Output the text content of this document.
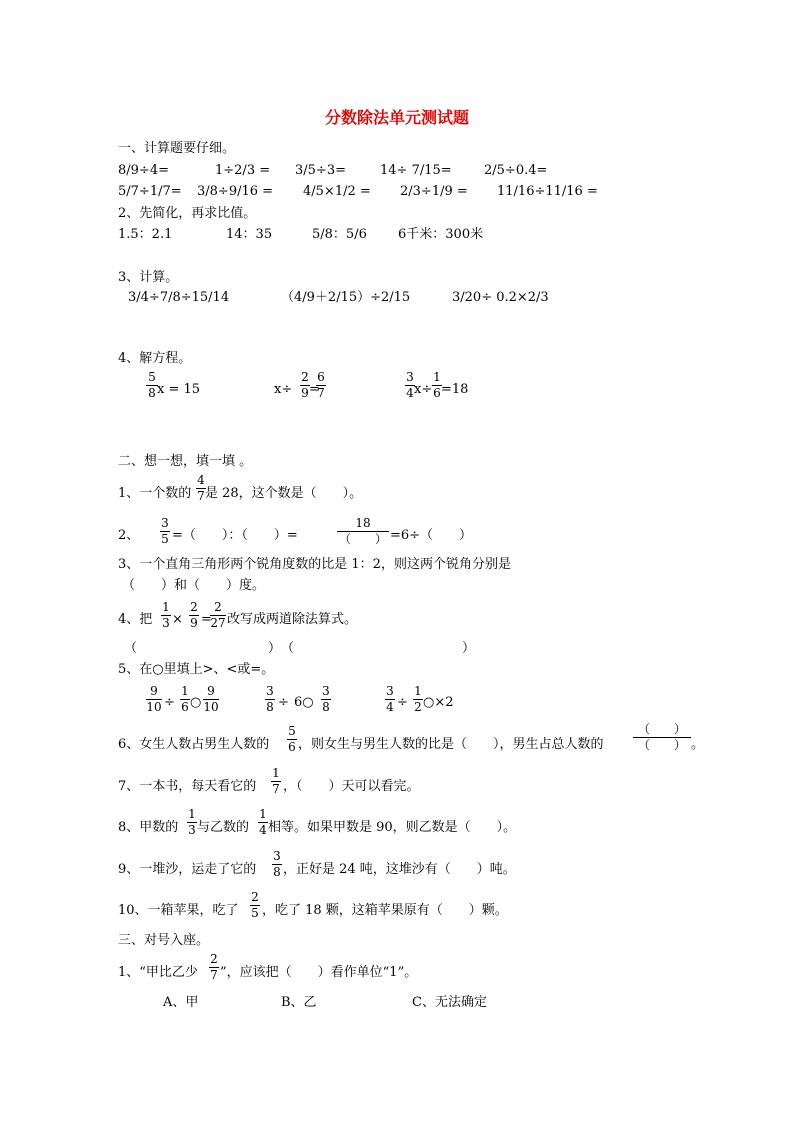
分数除法单元测试题
一、计算题要仔细。
8/9÷4=	1÷2/3 = 3/5÷3=	14÷ 7/15= 2/5÷0.4=
5/7÷1/7= 3/8÷9/16 = 4/5×1/2 = 2/3÷1/9 = 11/16÷11/16 =
2、先简化，再求比值。
1.5：2.1	14：35	5/8：5/6 6千米：300米
3、计算。
3/4÷7/8÷15/14	（4/9＋2/15）÷2/15	3/20÷ 0.2×2/3
4、解方程。
5
8 x = 15	x÷
2
9 =
6
7
3
4 x÷
1
6 =18
二、想一想，填一填 。
1、一个数的
4
7 是 28，这个数是（　　）。
2、
3
5 =（　　）：（　　）=
18
（　　） =6÷（　　）
3、一个直角三角形两个锐角度数的比是 1：2，则这两个锐角分别是
（　　）和（　　）度。
4、把
1
3 ×
2
9 =
2
27 改写成两道除法算式。
（	）　（	）
5、在○里填上>、<或=。
9
10 ÷
1
6 ○
9
10
3
8 ÷ 6○
3
8
3
4 ÷
1
2 ○×2
6、女生人数占男生人数的
5
6 ，则女生与男生人数的比是（　　），男生占总人数的
（　　）
（　　） 。
7、一本书，每天看它的
1
7 ，（　　）天可以看完。
8、甲数的
1
3 与乙数的
1
4 相等。如果甲数是 90，则乙数是（　　）。
9、一堆沙，运走了它的
3
8 ，正好是 24 吨，这堆沙有（　　）吨。
10、一箱苹果，吃了
2
5 ，吃了 18 颗，这箱苹果原有（　　）颗。
三、对号入座。
1、“甲比乙少
2
7 ”，应该把（　　）看作单位“1”。
A、甲	B、乙	C、无法确定
